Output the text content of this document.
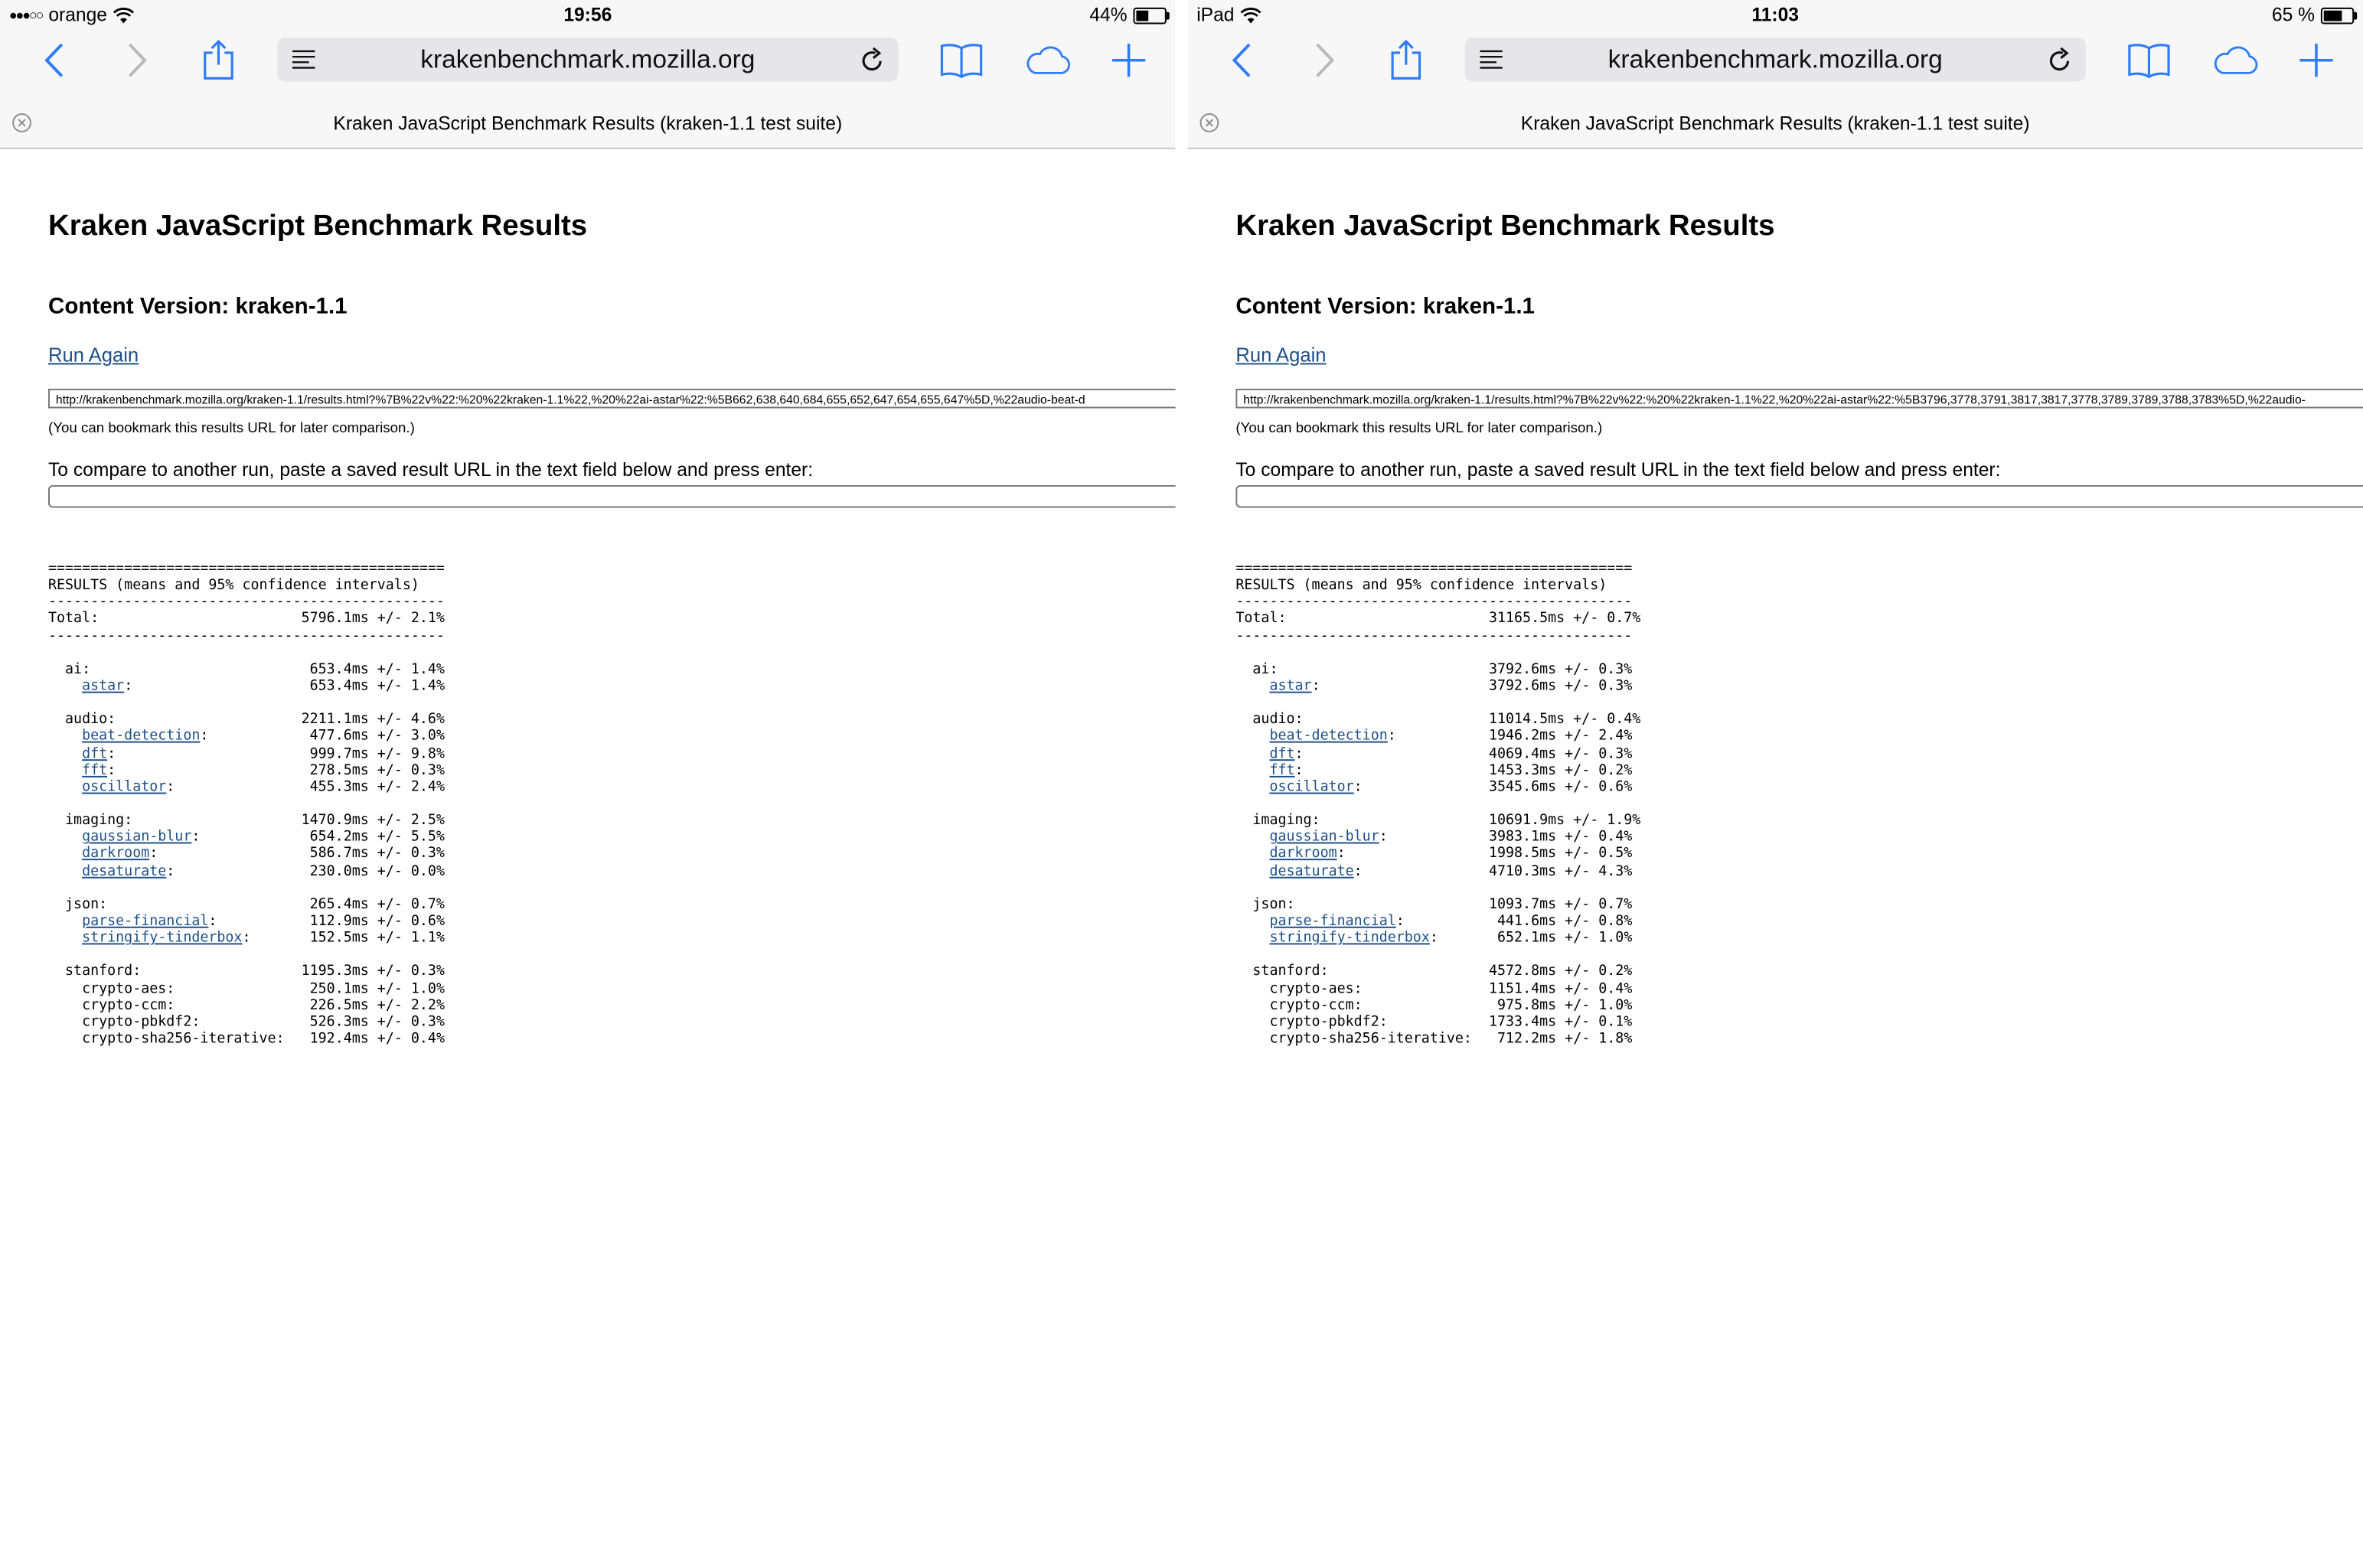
●●●○○ orange	19:56	44%
krakenbenchmark.mozilla.org
Kraken JavaScript Benchmark Results (kraken-1.1 test suite)
Kraken JavaScript Benchmark Results
Content Version: kraken-1.1
Run Again
http://krakenbenchmark.mozilla.org/kraken-1.1/results.html?%7B%22v%22:%20%22kraken-1.1%22,%20%22ai-astar%22:%5B662,638,640,684,655,652,647,654,655,647%5D,%22audio-beat-d
(You can bookmark this results URL for later comparison.)
To compare to another run, paste a saved result URL in the text field below and press enter:
===============================================
RESULTS (means and 95% confidence intervals)
-----------------------------------------------
Total:                        5796.1ms +/- 2.1%
-----------------------------------------------
ai:                          653.4ms +/- 1.4%
astar:                     653.4ms +/- 1.4%
audio:                      2211.1ms +/- 4.6%
beat-detection:            477.6ms +/- 3.0%
dft:                       999.7ms +/- 9.8%
fft:                       278.5ms +/- 0.3%
oscillator:                455.3ms +/- 2.4%
imaging:                    1470.9ms +/- 2.5%
gaussian-blur:             654.2ms +/- 5.5%
darkroom:                  586.7ms +/- 0.3%
desaturate:                230.0ms +/- 0.0%
json:                        265.4ms +/- 0.7%
parse-financial:           112.9ms +/- 0.6%
stringify-tinderbox:       152.5ms +/- 1.1%
stanford:                   1195.3ms +/- 0.3%
crypto-aes:                250.1ms +/- 1.0%
crypto-ccm:                226.5ms +/- 2.2%
crypto-pbkdf2:             526.3ms +/- 0.3%
crypto-sha256-iterative:   192.4ms +/- 0.4%
iPad	11:03	65 %
krakenbenchmark.mozilla.org
Kraken JavaScript Benchmark Results (kraken-1.1 test suite)
Kraken JavaScript Benchmark Results
Content Version: kraken-1.1
Run Again
http://krakenbenchmark.mozilla.org/kraken-1.1/results.html?%7B%22v%22:%20%22kraken-1.1%22,%20%22ai-astar%22:%5B3796,3778,3791,3817,3817,3778,3789,3789,3788,3783%5D,%22audio-
(You can bookmark this results URL for later comparison.)
To compare to another run, paste a saved result URL in the text field below and press enter:
===============================================
RESULTS (means and 95% confidence intervals)
-----------------------------------------------
Total:                        31165.5ms +/- 0.7%
-----------------------------------------------
ai:                         3792.6ms +/- 0.3%
astar:                    3792.6ms +/- 0.3%
audio:                      11014.5ms +/- 0.4%
beat-detection:           1946.2ms +/- 2.4%
dft:                      4069.4ms +/- 0.3%
fft:                      1453.3ms +/- 0.2%
oscillator:               3545.6ms +/- 0.6%
imaging:                    10691.9ms +/- 1.9%
gaussian-blur:            3983.1ms +/- 0.4%
darkroom:                 1998.5ms +/- 0.5%
desaturate:               4710.3ms +/- 4.3%
json:                       1093.7ms +/- 0.7%
parse-financial:           441.6ms +/- 0.8%
stringify-tinderbox:       652.1ms +/- 1.0%
stanford:                   4572.8ms +/- 0.2%
crypto-aes:               1151.4ms +/- 0.4%
crypto-ccm:                975.8ms +/- 1.0%
crypto-pbkdf2:            1733.4ms +/- 0.1%
crypto-sha256-iterative:   712.2ms +/- 1.8%
